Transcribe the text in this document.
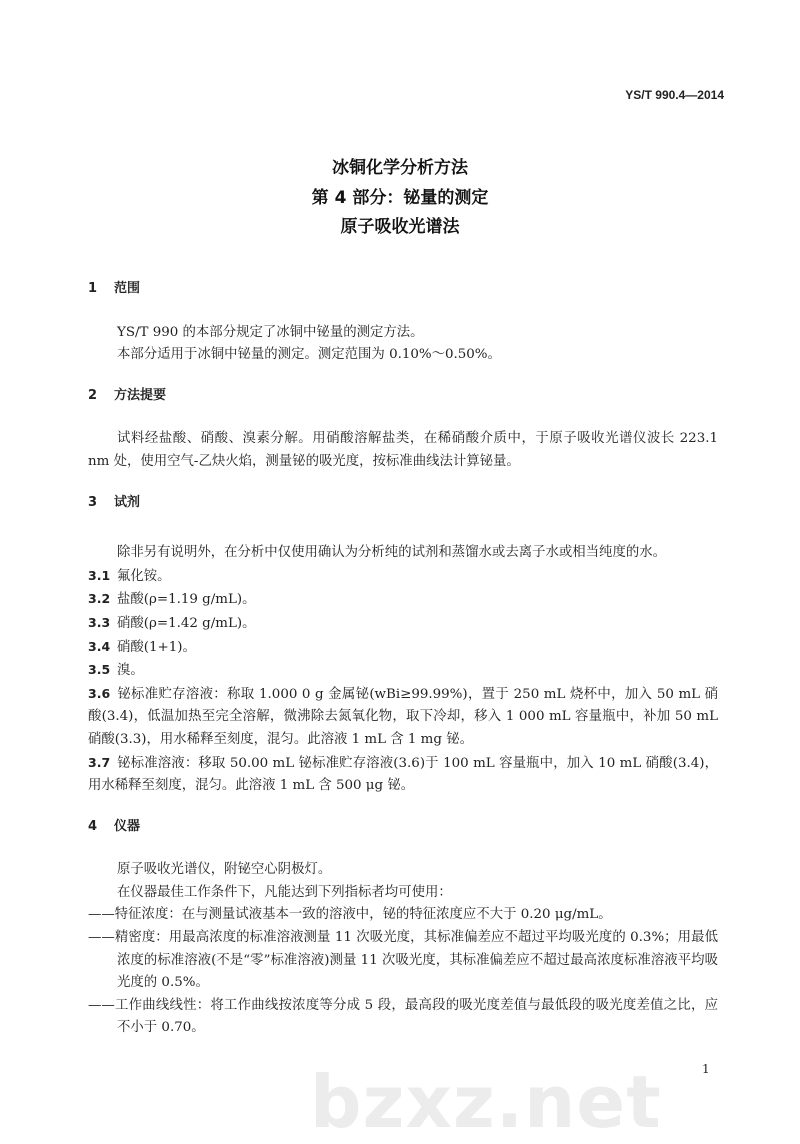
bzxz.net
YS/T 990.4—2014
冰铜化学分析方法
第 4 部分：铋量的测定
原子吸收光谱法
1 范围
YS/T 990 的本部分规定了冰铜中铋量的测定方法。
本部分适用于冰铜中铋量的测定。测定范围为 0.10%～0.50%。
2 方法提要
试料经盐酸、硝酸、溴素分解。用硝酸溶解盐类，在稀硝酸介质中，于原子吸收光谱仪波长 223.1 nm 处，使用空气-乙炔火焰，测量铋的吸光度，按标准曲线法计算铋量。
3 试剂
除非另有说明外，在分析中仅使用确认为分析纯的试剂和蒸馏水或去离子水或相当纯度的水。
3.1 氟化铵。
3.2 盐酸(ρ=1.19 g/mL)。
3.3 硝酸(ρ=1.42 g/mL)。
3.4 硝酸(1+1)。
3.5 溴。
3.6 铋标准贮存溶液：称取 1.000 0 g 金属铋(wBi≥99.99%)，置于 250 mL 烧杯中，加入 50 mL 硝酸(3.4)，低温加热至完全溶解，微沸除去氮氧化物，取下冷却，移入 1 000 mL 容量瓶中，补加 50 mL 硝酸(3.3)，用水稀释至刻度，混匀。此溶液 1 mL 含 1 mg 铋。
3.7 铋标准溶液：移取 50.00 mL 铋标准贮存溶液(3.6)于 100 mL 容量瓶中，加入 10 mL 硝酸(3.4)，用水稀释至刻度，混匀。此溶液 1 mL 含 500 μg 铋。
4 仪器
原子吸收光谱仪，附铋空心阴极灯。
在仪器最佳工作条件下，凡能达到下列指标者均可使用：
——特征浓度：在与测量试液基本一致的溶液中，铋的特征浓度应不大于 0.20 μg/mL。
——精密度：用最高浓度的标准溶液测量 11 次吸光度，其标准偏差应不超过平均吸光度的 0.3%；用最低浓度的标准溶液(不是“零”标准溶液)测量 11 次吸光度，其标准偏差应不超过最高浓度标准溶液平均吸光度的 0.5%。
——工作曲线线性：将工作曲线按浓度等分成 5 段，最高段的吸光度差值与最低段的吸光度差值之比，应不小于 0.70。
1
